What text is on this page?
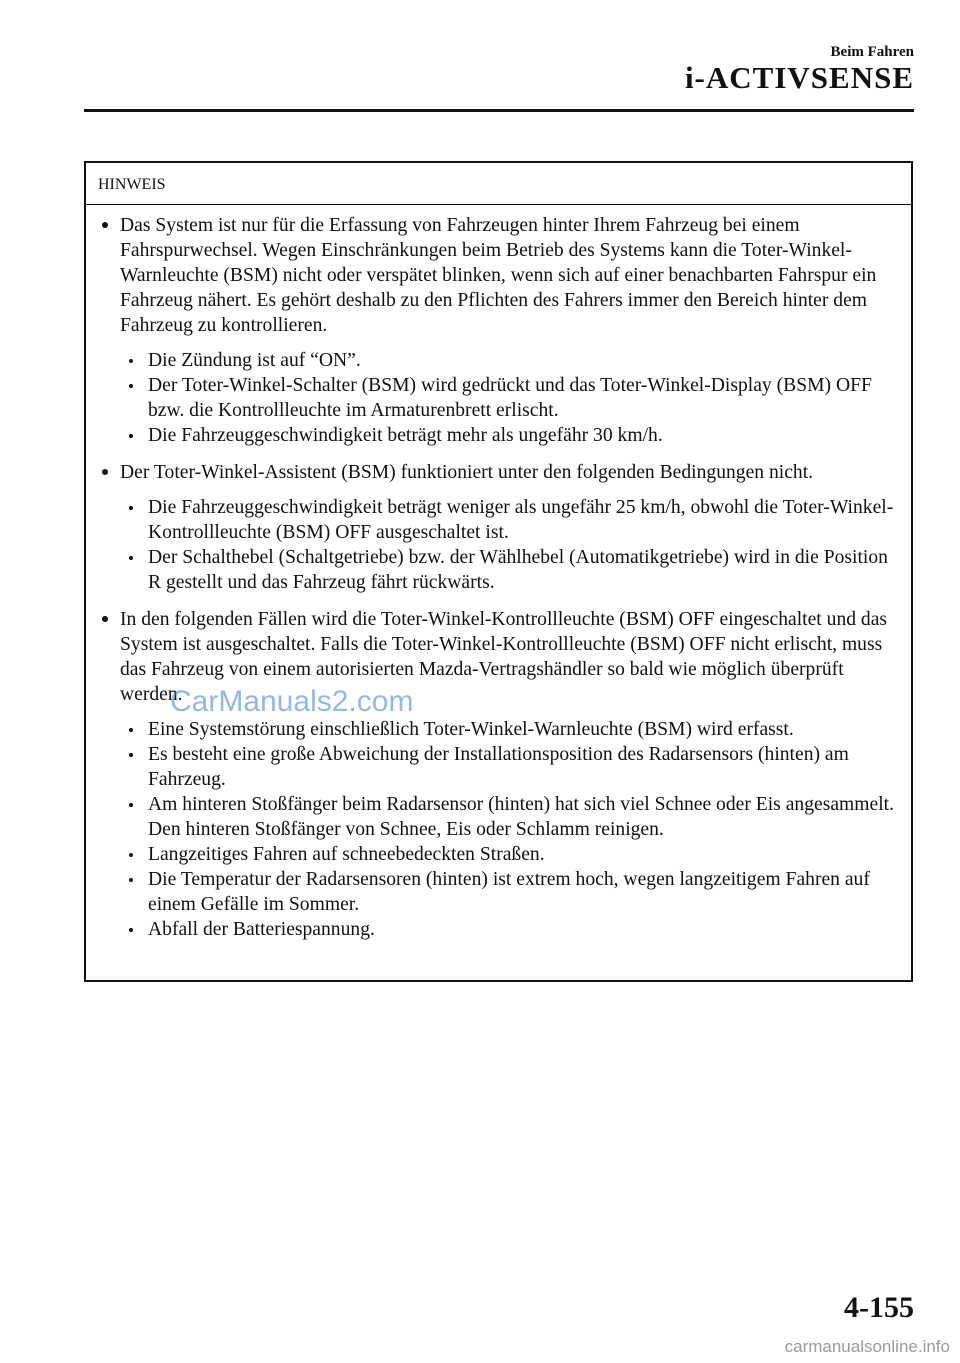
Beim Fahren
i-ACTIVSENSE
HINWEIS
Das System ist nur für die Erfassung von Fahrzeugen hinter Ihrem Fahrzeug bei einem Fahrspurwechsel. Wegen Einschränkungen beim Betrieb des Systems kann die Toter-Winkel-Warnleuchte (BSM) nicht oder verspätet blinken, wenn sich auf einer benachbarten Fahrspur ein Fahrzeug nähert. Es gehört deshalb zu den Pflichten des Fahrers immer den Bereich hinter dem Fahrzeug zu kontrollieren.
Die Zündung ist auf “ON”.
Der Toter-Winkel-Schalter (BSM) wird gedrückt und das Toter-Winkel-Display (BSM) OFF bzw. die Kontrollleuchte im Armaturenbrett erlischt.
Die Fahrzeuggeschwindigkeit beträgt mehr als ungefähr 30 km/h.
Der Toter-Winkel-Assistent (BSM) funktioniert unter den folgenden Bedingungen nicht.
Die Fahrzeuggeschwindigkeit beträgt weniger als ungefähr 25 km/h, obwohl die Toter-Winkel-Kontrollleuchte (BSM) OFF ausgeschaltet ist.
Der Schalthebel (Schaltgetriebe) bzw. der Wählhebel (Automatikgetriebe) wird in die Position R gestellt und das Fahrzeug fährt rückwärts.
In den folgenden Fällen wird die Toter-Winkel-Kontrollleuchte (BSM) OFF eingeschaltet und das System ist ausgeschaltet. Falls die Toter-Winkel-Kontrollleuchte (BSM) OFF nicht erlischt, muss das Fahrzeug von einem autorisierten Mazda-Vertragshändler so bald wie möglich überprüft werden.
Eine Systemstörung einschließlich Toter-Winkel-Warnleuchte (BSM) wird erfasst.
Es besteht eine große Abweichung der Installationsposition des Radarsensors (hinten) am Fahrzeug.
Am hinteren Stoßfänger beim Radarsensor (hinten) hat sich viel Schnee oder Eis angesammelt. Den hinteren Stoßfänger von Schnee, Eis oder Schlamm reinigen.
Langzeitiges Fahren auf schneebedeckten Straßen.
Die Temperatur der Radarsensoren (hinten) ist extrem hoch, wegen langzeitigem Fahren auf einem Gefälle im Sommer.
Abfall der Batteriespannung.
CarManuals2.com
4-155
carmanualsonline.info
